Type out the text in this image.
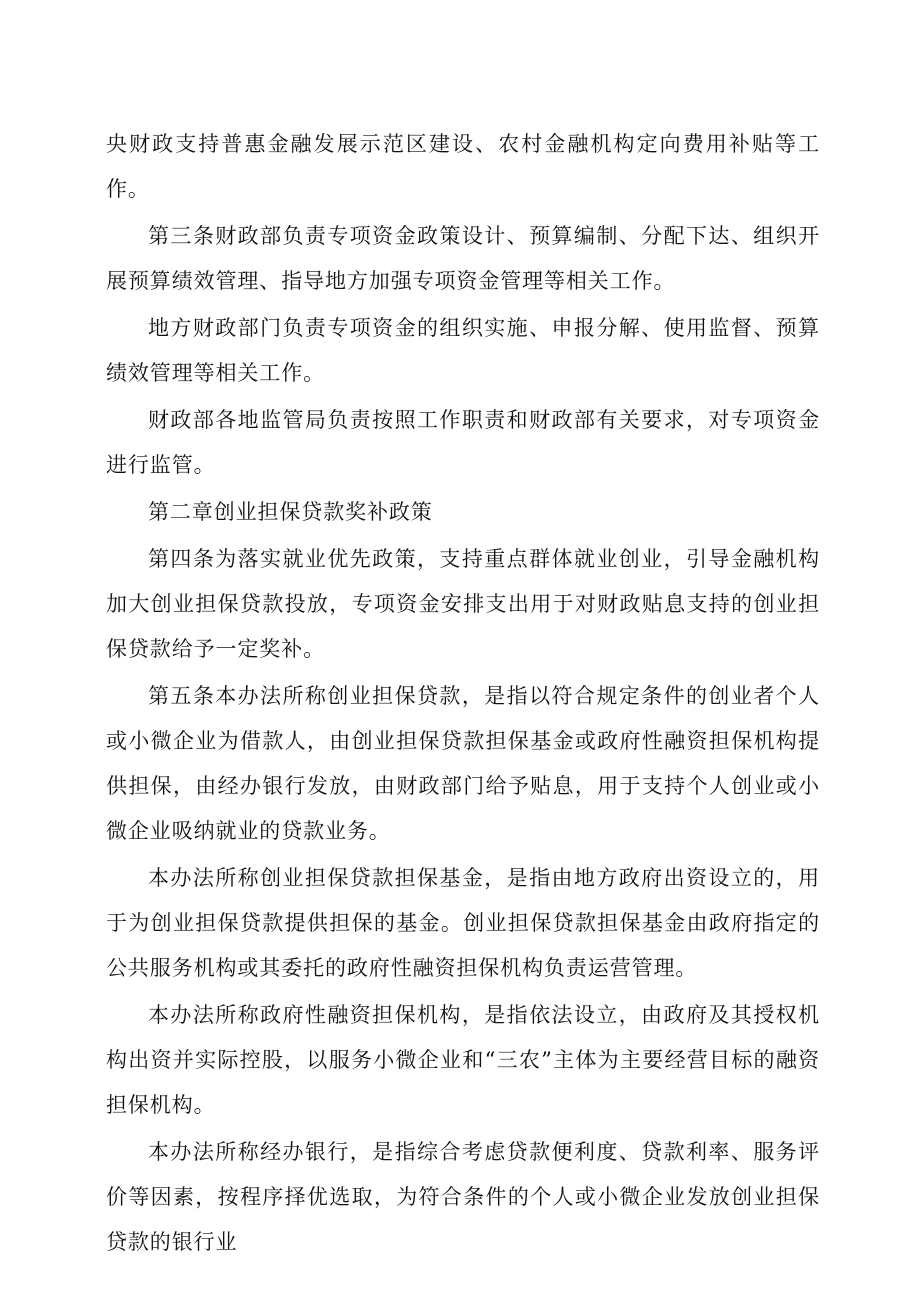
央财政支持普惠金融发展示范区建设、农村金融机构定向费用补贴等工作。

第三条财政部负责专项资金政策设计、预算编制、分配下达、组织开展预算绩效管理、指导地方加强专项资金管理等相关工作。

地方财政部门负责专项资金的组织实施、申报分解、使用监督、预算绩效管理等相关工作。

财政部各地监管局负责按照工作职责和财政部有关要求，对专项资金进行监管。

第二章创业担保贷款奖补政策

第四条为落实就业优先政策，支持重点群体就业创业，引导金融机构加大创业担保贷款投放，专项资金安排支出用于对财政贴息支持的创业担保贷款给予一定奖补。

第五条本办法所称创业担保贷款，是指以符合规定条件的创业者个人或小微企业为借款人，由创业担保贷款担保基金或政府性融资担保机构提供担保，由经办银行发放，由财政部门给予贴息，用于支持个人创业或小微企业吸纳就业的贷款业务。

本办法所称创业担保贷款担保基金，是指由地方政府出资设立的，用于为创业担保贷款提供担保的基金。创业担保贷款担保基金由政府指定的公共服务机构或其委托的政府性融资担保机构负责运营管理。

本办法所称政府性融资担保机构，是指依法设立，由政府及其授权机构出资并实际控股，以服务小微企业和“三农”主体为主要经营目标的融资担保机构。

本办法所称经办银行，是指综合考虑贷款便利度、贷款利率、服务评价等因素，按程序择优选取，为符合条件的个人或小微企业发放创业担保贷款的银行业
